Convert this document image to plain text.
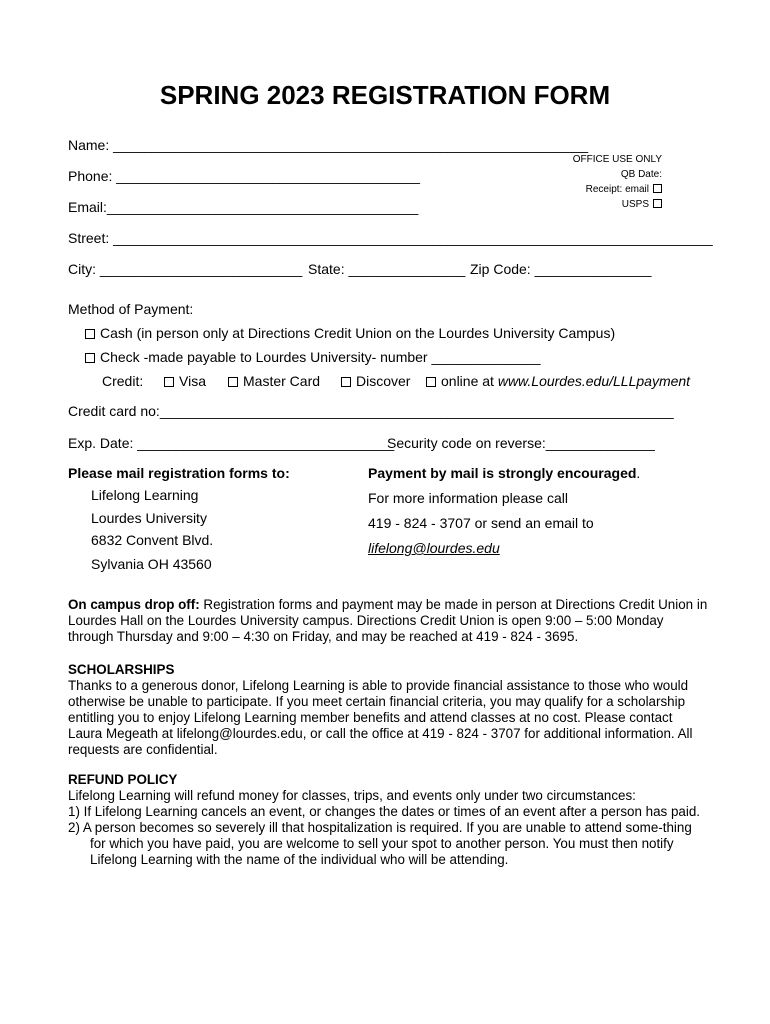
SPRING 2023 REGISTRATION FORM
Name: _____________________________________________________________
Phone: _______________________________________
Email:________________________________________
Street: _____________________________________________________________________________
City: __________________________ State: _______________ Zip Code: _______________
OFFICE USE ONLY
QB Date:
Receipt: email
USPS
Method of Payment:
Cash (in person only at Directions Credit Union on the Lourdes University Campus)
Check -made payable to Lourdes University- number ______________
Credit:	Visa	Master Card	Discover	online at www.Lourdes.edu/LLLpayment
Credit card no:__________________________________________________________________
Exp. Date: _________________________________
Security code on reverse:______________
Please mail registration forms to:
Lifelong Learning
Lourdes University
6832 Convent Blvd.
Sylvania OH 43560
Payment by mail is strongly encouraged.
For more information please call
419 - 824 - 3707 or send an email to
lifelong@lourdes.edu

On campus drop off: Registration forms and payment may be made in person at Directions Credit Union in Lourdes Hall on the Lourdes University campus. Directions Credit Union is open 9:00 – 5:00 Monday through Thursday and 9:00 – 4:30 on Friday, and may be reached at 419 - 824 - 3695.

SCHOLARSHIPS

Thanks to a generous donor, Lifelong Learning is able to provide financial assistance to those who would otherwise be unable to participate. If you meet certain financial criteria, you may qualify for a scholarship entitling you to enjoy Lifelong Learning member benefits and attend classes at no cost. Please contact Laura Megeath at lifelong@lourdes.edu, or call the office at 419 - 824 - 3707 for additional information. All requests are confidential.

REFUND POLICY

Lifelong Learning will refund money for classes, trips, and events only under two circumstances:

1) If Lifelong Learning cancels an event, or changes the dates or times of an event after a person has paid.

2) A person becomes so severely ill that hospitalization is required. If you are unable to attend some-thing for which you have paid, you are welcome to sell your spot to another person. You must then notify Lifelong Learning with the name of the individual who will be attending.
